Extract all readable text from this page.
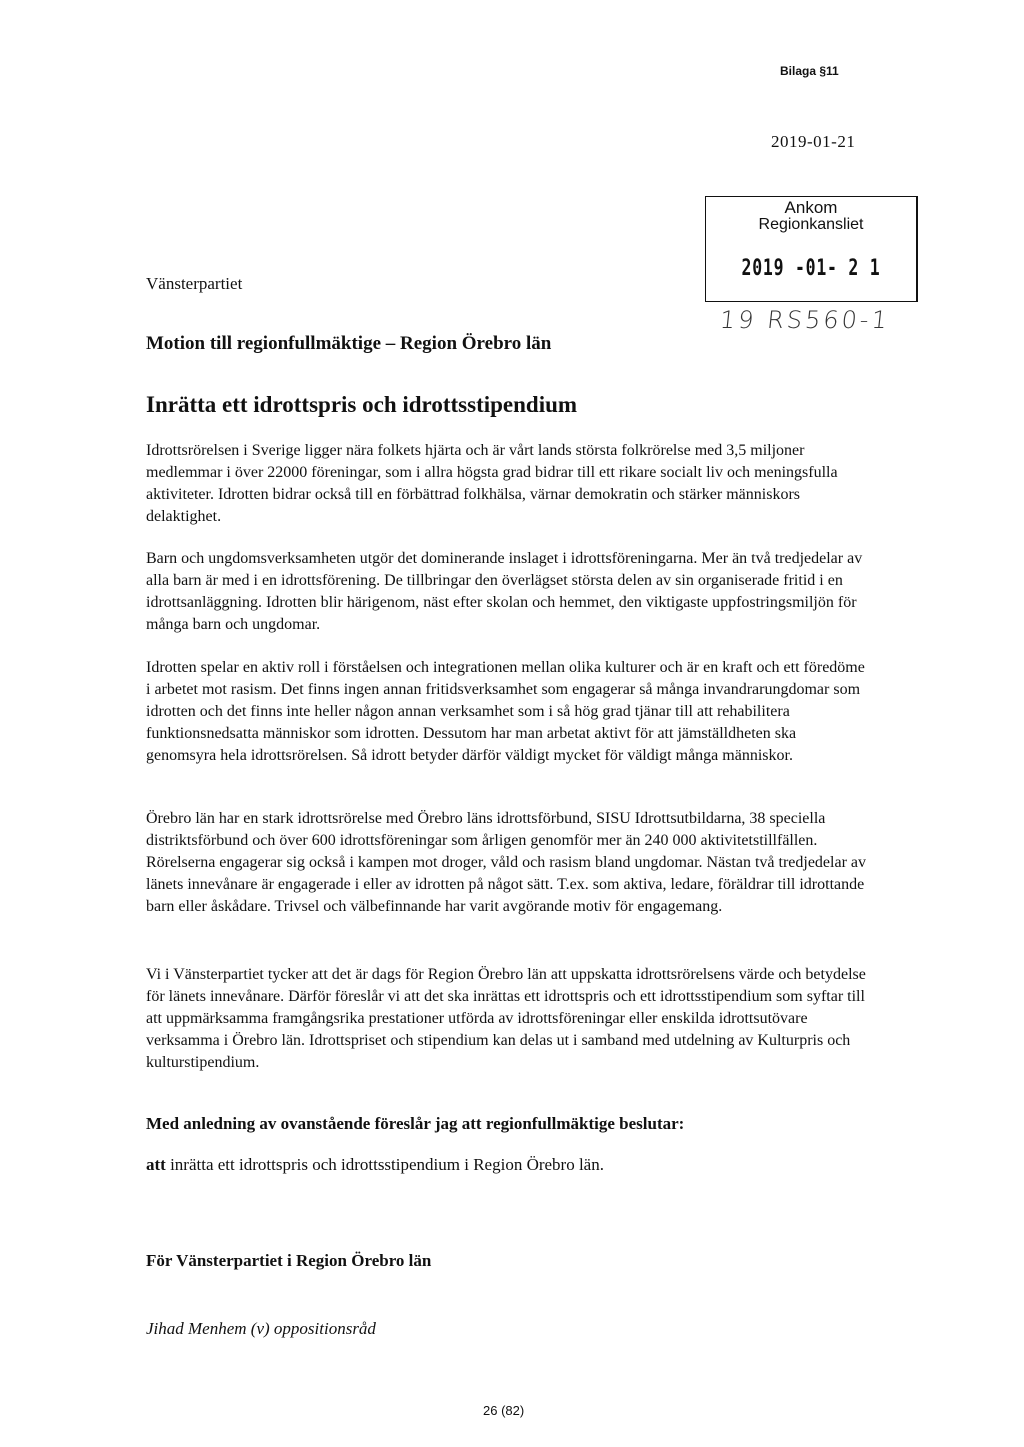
Bilaga §11
2019-01-21
Ankom
Regionkansliet
2019 -01- 2 1
19 RS560-1
Vänsterpartiet
Motion till regionfullmäktige – Region Örebro län
Inrätta ett idrottspris och idrottsstipendium
Idrottsrörelsen i Sverige ligger nära folkets hjärta och är vårt lands största folkrörelse med 3,5 miljoner medlemmar i över 22000 föreningar, som i allra högsta grad bidrar till ett rikare socialt liv och meningsfulla aktiviteter. Idrotten bidrar också till en förbättrad folkhälsa, värnar demokratin och stärker människors delaktighet.
Barn och ungdomsverksamheten utgör det dominerande inslaget i idrottsföreningarna. Mer än två tredjedelar av alla barn är med i en idrottsförening. De tillbringar den överlägset största delen av sin organiserade fritid i en idrottsanläggning. Idrotten blir härigenom, näst efter skolan och hemmet, den viktigaste uppfostringsmiljön för många barn och ungdomar.
Idrotten spelar en aktiv roll i förståelsen och integrationen mellan olika kulturer och är en kraft och ett föredöme i arbetet mot rasism. Det finns ingen annan fritidsverksamhet som engagerar så många invandrarungdomar som idrotten och det finns inte heller någon annan verksamhet som i så hög grad tjänar till att rehabilitera funktionsnedsatta människor som idrotten. Dessutom har man arbetat aktivt för att jämställdheten ska genomsyra hela idrottsrörelsen. Så idrott betyder därför väldigt mycket för väldigt många människor.
Örebro län har en stark idrottsrörelse med Örebro läns idrottsförbund, SISU Idrottsutbildarna, 38 speciella distriktsförbund och över 600 idrottsföreningar som årligen genomför mer än 240 000 aktivitetstillfällen. Rörelserna engagerar sig också i kampen mot droger, våld och rasism bland ungdomar. Nästan två tredjedelar av länets innevånare är engagerade i eller av idrotten på något sätt. T.ex. som aktiva, ledare, föräldrar till idrottande barn eller åskådare. Trivsel och välbefinnande har varit avgörande motiv för engagemang.
Vi i Vänsterpartiet tycker att det är dags för Region Örebro län att uppskatta idrottsrörelsens värde och betydelse för länets innevånare. Därför föreslår vi att det ska inrättas ett idrottspris och ett idrottsstipendium som syftar till att uppmärksamma framgångsrika prestationer utförda av idrottsföreningar eller enskilda idrottsutövare verksamma i Örebro län. Idrottspriset och stipendium kan delas ut i samband med utdelning av Kulturpris och kulturstipendium.
Med anledning av ovanstående föreslår jag att regionfullmäktige beslutar:
att inrätta ett idrottspris och idrottsstipendium i Region Örebro län.
För Vänsterpartiet i Region Örebro län
Jihad Menhem (v) oppositionsråd
26 (82)
